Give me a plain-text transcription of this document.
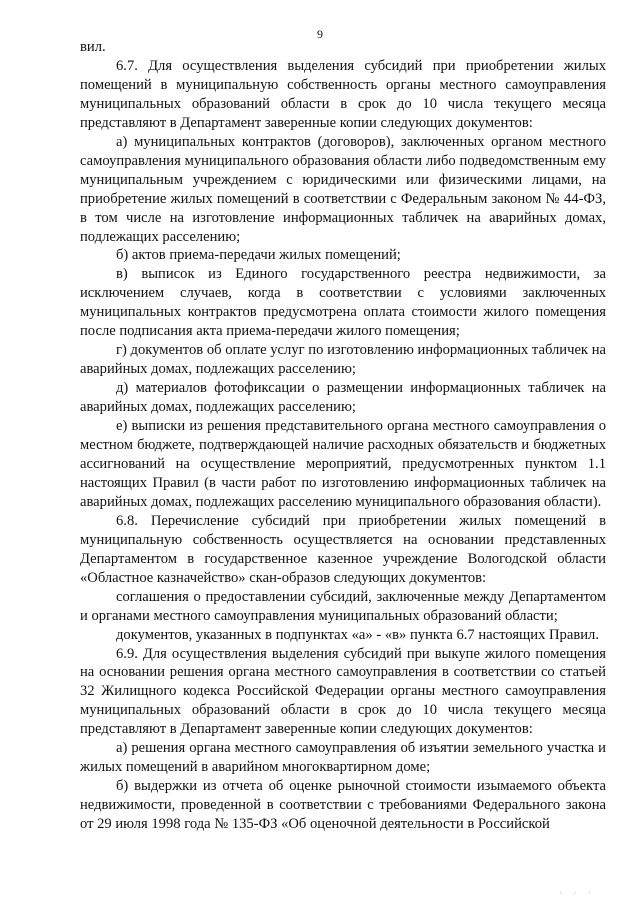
9

вил.

6.7. Для осуществления выделения субсидий при приобретении жилых помещений в муниципальную собственность органы местного самоуправления муниципальных образований области в срок до 10 числа текущего месяца представляют в Департамент заверенные копии следующих документов:

а) муниципальных контрактов (договоров), заключенных органом местного самоуправления муниципального образования области либо подведомственным ему муниципальным учреждением с юридическими или физическими лицами, на приобретение жилых помещений в соответствии с Федеральным законом № 44-ФЗ, в том числе на изготовление информационных табличек на аварийных домах, подлежащих расселению;

б) актов приема-передачи жилых помещений;

в) выписок из Единого государственного реестра недвижимости, за исключением случаев, когда в соответствии с условиями заключенных муниципальных контрактов предусмотрена оплата стоимости жилого помещения после подписания акта приема-передачи жилого помещения;

г) документов об оплате услуг по изготовлению информационных табличек на аварийных домах, подлежащих расселению;

д) материалов фотофиксации о размещении информационных табличек на аварийных домах, подлежащих расселению;

е) выписки из решения представительного органа местного самоуправления о местном бюджете, подтверждающей наличие расходных обязательств и бюджетных ассигнований на осуществление мероприятий, предусмотренных пунктом 1.1 настоящих Правил (в части работ по изготовлению информационных табличек на аварийных домах, подлежащих расселению муниципального образования области).

6.8. Перечисление субсидий при приобретении жилых помещений в муниципальную собственность осуществляется на основании представленных Департаментом в государственное казенное учреждение Вологодской области «Областное казначейство» скан-образов следующих документов:

соглашения о предоставлении субсидий, заключенные между Департаментом и органами местного самоуправления муниципальных образований области;

документов, указанных в подпунктах «а» - «в» пункта 6.7 настоящих Правил.

6.9. Для осуществления выделения субсидий при выкупе жилого помещения на основании решения органа местного самоуправления в соответствии со статьей 32 Жилищного кодекса Российской Федерации органы местного самоуправления муниципальных образований области в срок до 10 числа текущего месяца представляют в Департамент заверенные копии следующих документов:

а) решения органа местного самоуправления об изъятии земельного участка и жилых помещений в аварийном многоквартирном доме;

б) выдержки из отчета об оценке рыночной стоимости изымаемого объекта недвижимости, проведенной в соответствии с требованиями Федерального закона от 29 июля 1998 года № 135-ФЗ «Об оценочной деятельности в Российской

' ' '
